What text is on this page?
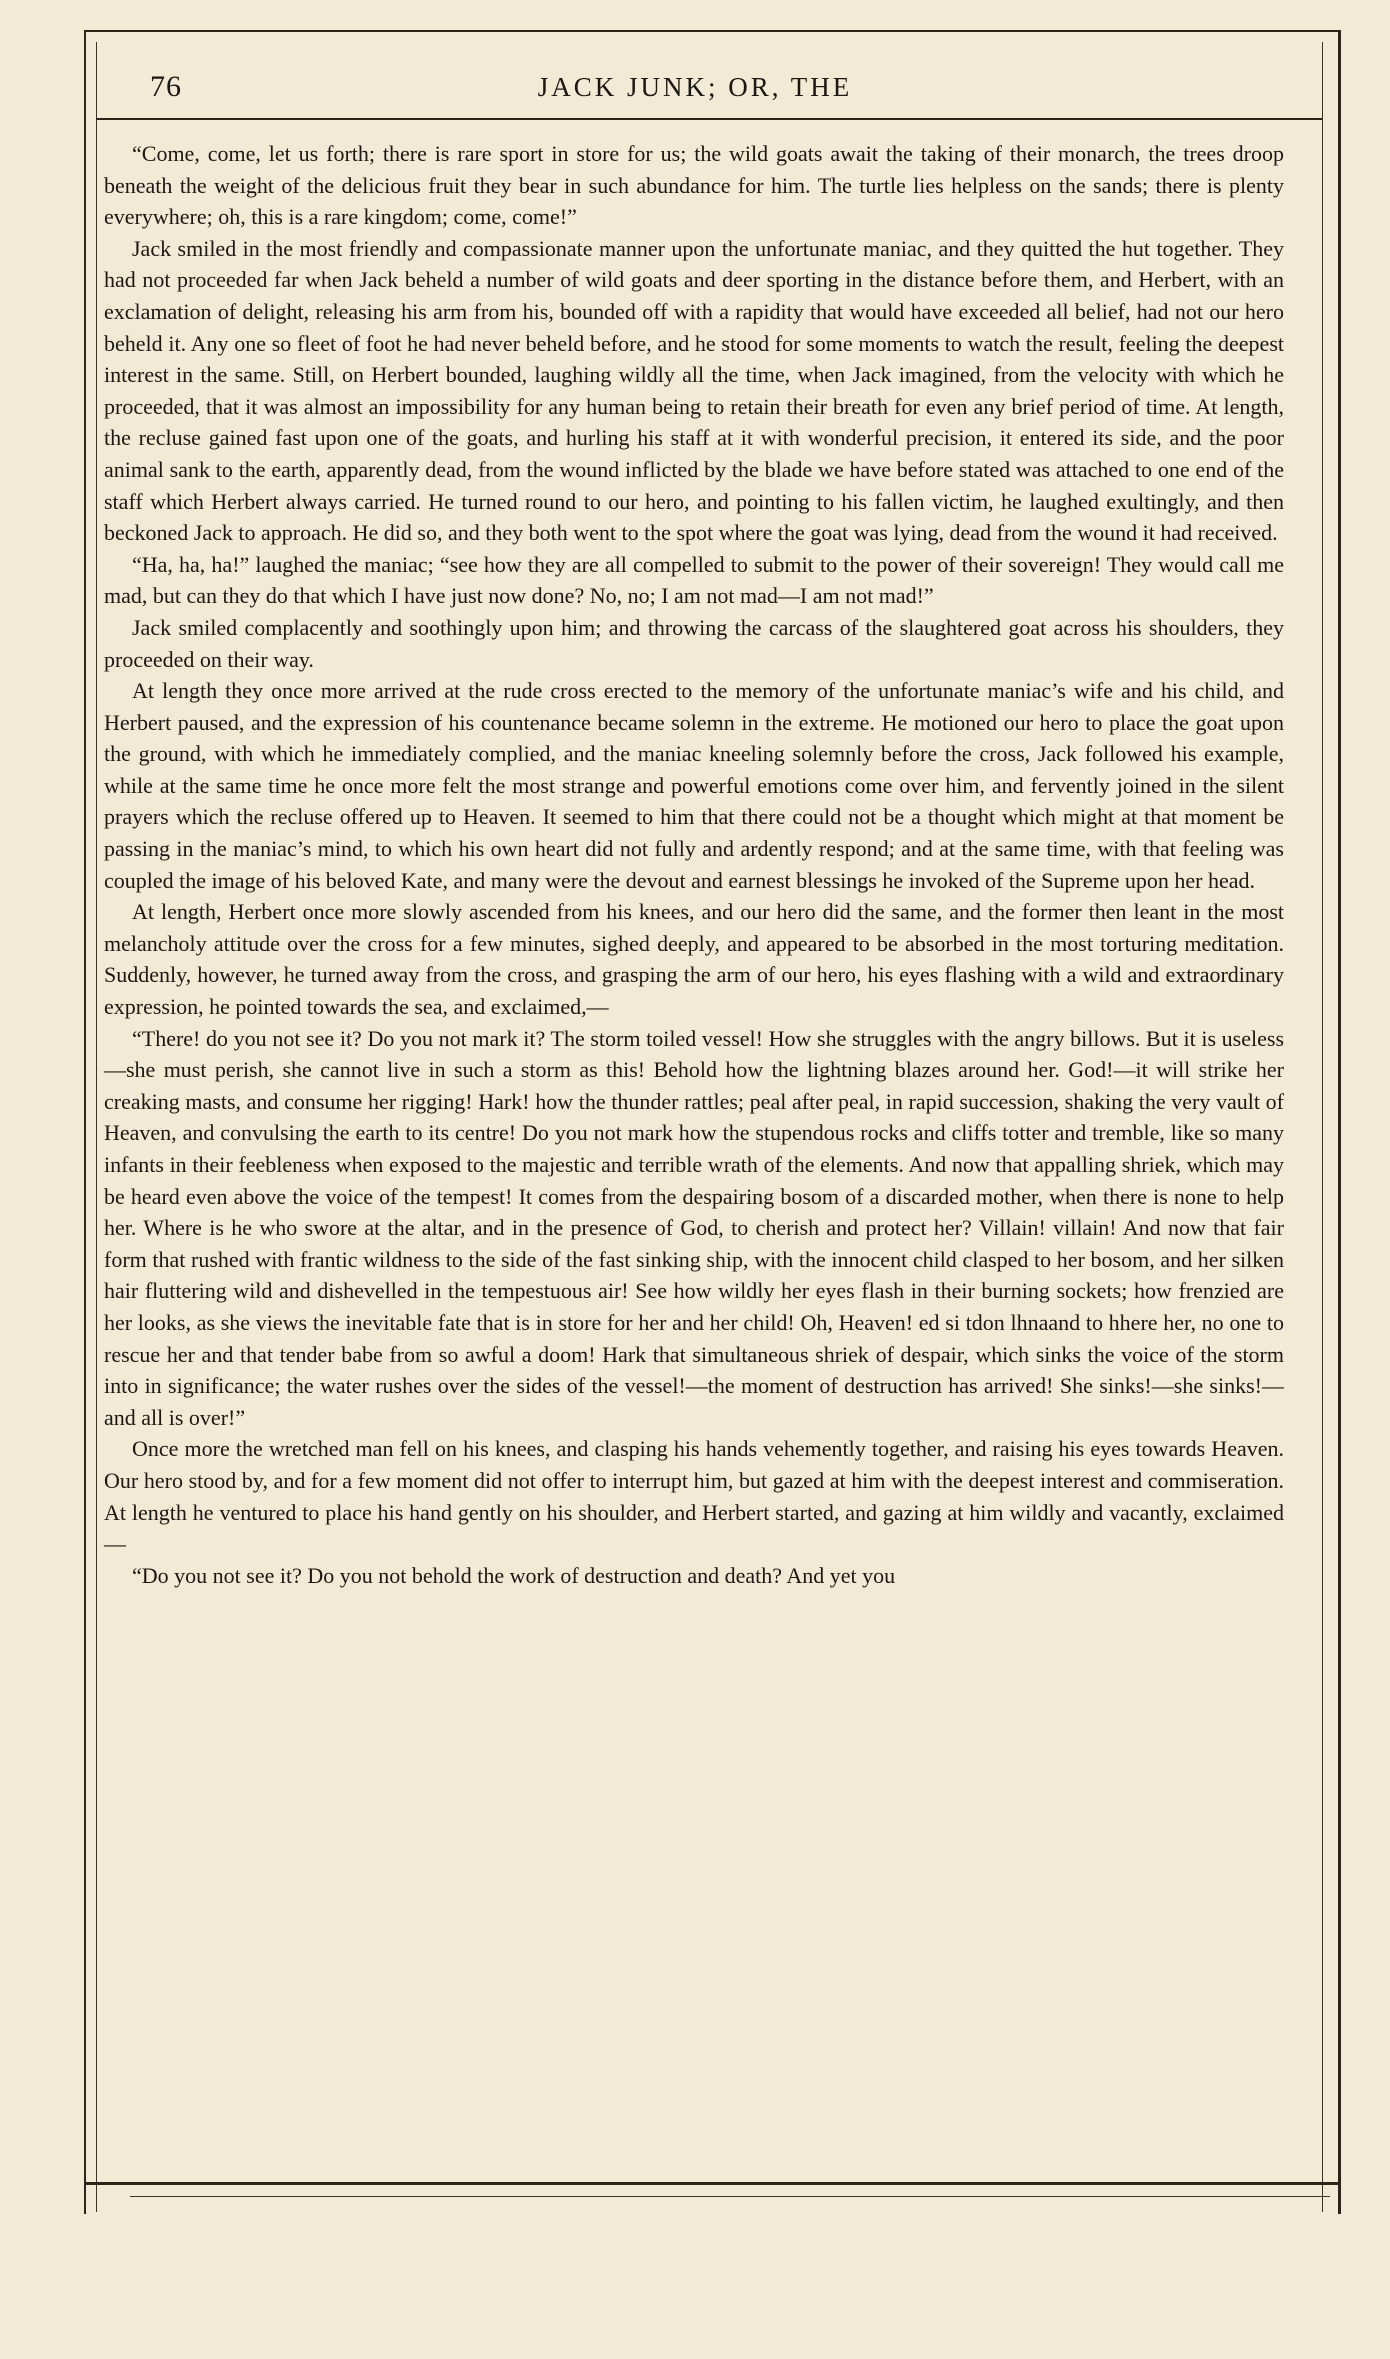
76	JACK JUNK; OR, THE

“Come, come, let us forth; there is rare sport in store for us; the wild goats await the taking of their monarch, the trees droop beneath the weight of the delicious fruit they bear in such abundance for him. The turtle lies helpless on the sands; there is plenty everywhere; oh, this is a rare kingdom; come, come!”

Jack smiled in the most friendly and compassionate manner upon the unfortunate maniac, and they quitted the hut together. They had not proceeded far when Jack beheld a number of wild goats and deer sporting in the distance before them, and Herbert, with an exclamation of delight, releasing his arm from his, bounded off with a rapidity that would have exceeded all belief, had not our hero beheld it. Any one so fleet of foot he had never beheld before, and he stood for some moments to watch the result, feeling the deepest interest in the same. Still, on Herbert bounded, laughing wildly all the time, when Jack imagined, from the velocity with which he proceeded, that it was almost an impossibility for any human being to retain their breath for even any brief period of time. At length, the recluse gained fast upon one of the goats, and hurling his staff at it with wonderful precision, it entered its side, and the poor animal sank to the earth, apparently dead, from the wound inflicted by the blade we have before stated was attached to one end of the staff which Herbert always carried. He turned round to our hero, and pointing to his fallen victim, he laughed exultingly, and then beckoned Jack to approach. He did so, and they both went to the spot where the goat was lying, dead from the wound it had received.

“Ha, ha, ha!” laughed the maniac; “see how they are all compelled to submit to the power of their sovereign! They would call me mad, but can they do that which I have just now done? No, no; I am not mad—I am not mad!”

Jack smiled complacently and soothingly upon him; and throwing the carcass of the slaughtered goat across his shoulders, they proceeded on their way.

At length they once more arrived at the rude cross erected to the memory of the unfortunate maniac’s wife and his child, and Herbert paused, and the expression of his countenance became solemn in the extreme. He motioned our hero to place the goat upon the ground, with which he immediately complied, and the maniac kneeling solemnly before the cross, Jack followed his example, while at the same time he once more felt the most strange and powerful emotions come over him, and fervently joined in the silent prayers which the recluse offered up to Heaven. It seemed to him that there could not be a thought which might at that moment be passing in the maniac’s mind, to which his own heart did not fully and ardently respond; and at the same time, with that feeling was coupled the image of his beloved Kate, and many were the devout and earnest blessings he invoked of the Supreme upon her head.

At length, Herbert once more slowly ascended from his knees, and our hero did the same, and the former then leant in the most melancholy attitude over the cross for a few minutes, sighed deeply, and appeared to be absorbed in the most torturing meditation. Suddenly, however, he turned away from the cross, and grasping the arm of our hero, his eyes flashing with a wild and extraordinary expression, he pointed towards the sea, and exclaimed,—

“There! do you not see it? Do you not mark it? The storm toiled vessel! How she struggles with the angry billows. But it is useless—she must perish, she cannot live in such a storm as this! Behold how the lightning blazes around her. God!—it will strike her creaking masts, and consume her rigging! Hark! how the thunder rattles; peal after peal, in rapid succession, shaking the very vault of Heaven, and convulsing the earth to its centre! Do you not mark how the stupendous rocks and cliffs totter and tremble, like so many infants in their feebleness when exposed to the majestic and terrible wrath of the elements. And now that appalling shriek, which may be heard even above the voice of the tempest! It comes from the despairing bosom of a discarded mother, when there is none to help her. Where is he who swore at the altar, and in the presence of God, to cherish and protect her? Villain! villain! And now that fair form that rushed with frantic wildness to the side of the fast sinking ship, with the innocent child clasped to her bosom, and her silken hair fluttering wild and dishevelled in the tempestuous air! See how wildly her eyes flash in their burning sockets; how frenzied are her looks, as she views the inevitable fate that is in store for her and her child! Oh, Heaven! ed si tdon lhnaand to hhere her, no one to rescue her and that tender babe from so awful a doom! Hark that simultaneous shriek of despair, which sinks the voice of the storm into in significance; the water rushes over the sides of the vessel!—the moment of destruction has arrived! She sinks!—she sinks!—and all is over!”

Once more the wretched man fell on his knees, and clasping his hands vehemently together, and raising his eyes towards Heaven. Our hero stood by, and for a few moment did not offer to interrupt him, but gazed at him with the deepest interest and commiseration. At length he ventured to place his hand gently on his shoulder, and Herbert started, and gazing at him wildly and vacantly, exclaimed—

“Do you not see it? Do you not behold the work of destruction and death? And yet you
